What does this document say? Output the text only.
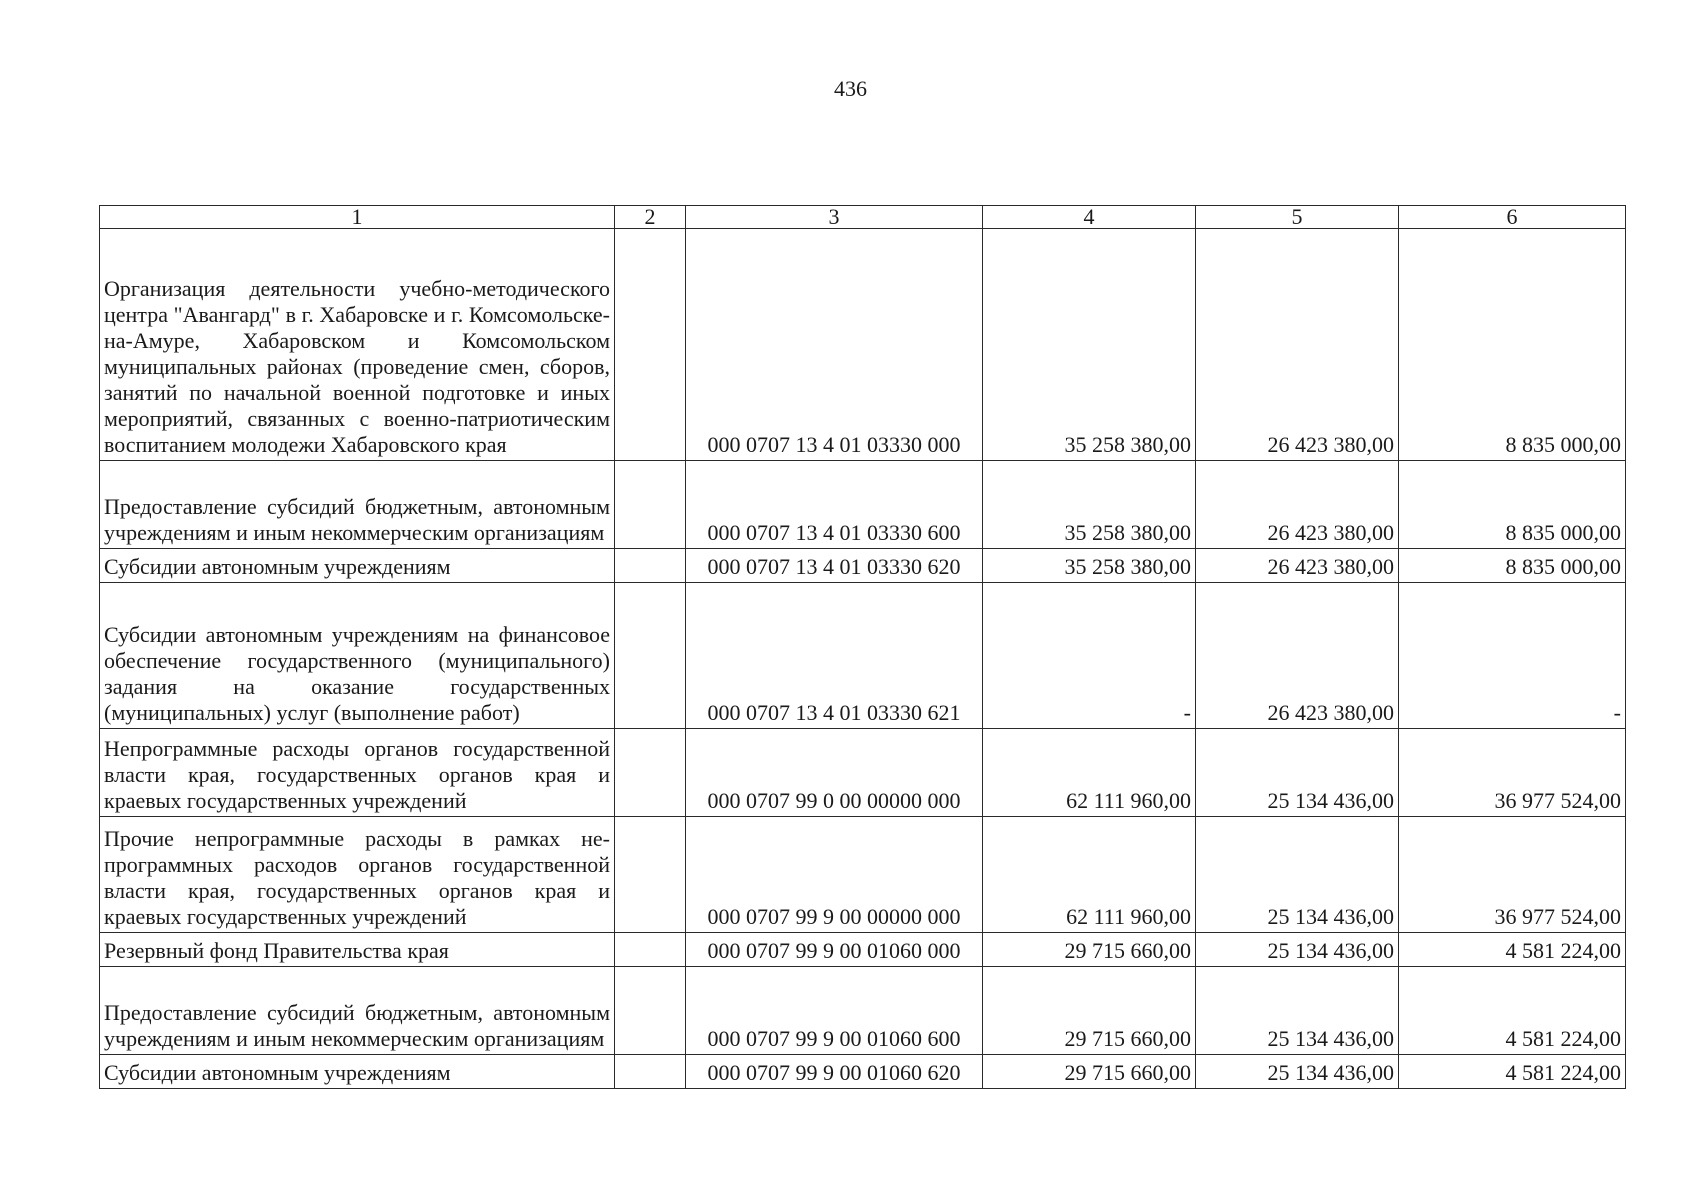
436
1	2	3	4	5	6
Организация деятельности учебно-методического центра "Авангард" в г. Хабаровске и г. Комсомольске-на-Амуре, Хабаровском и Комсомольском муниципальных районах (проведение смен, сборов, занятий по начальной военной подготовке и иных мероприятий, связанных с военно-патриотическим воспитанием молодежи Хабаровского края		000 0707 13 4 01 03330 000	35 258 380,00	26 423 380,00	8 835 000,00
Предоставление субсидий бюджетным, автономным учреждениям и иным некоммерческим организациям		000 0707 13 4 01 03330 600	35 258 380,00	26 423 380,00	8 835 000,00
Субсидии автономным учреждениям		000 0707 13 4 01 03330 620	35 258 380,00	26 423 380,00	8 835 000,00
Субсидии автономным учреждениям на финансовое обеспечение государственного (муниципального) задания на оказание государственных (муниципальных) услуг (выполнение работ)		000 0707 13 4 01 03330 621	-	26 423 380,00	-
Непрограммные расходы органов государственной власти края, государственных органов края и краевых государственных учреждений		000 0707 99 0 00 00000 000	62 111 960,00	25 134 436,00	36 977 524,00
Прочие непрограммные расходы в рамках непрограммных расходов органов государственной власти края, государственных органов края и краевых государственных учреждений		000 0707 99 9 00 00000 000	62 111 960,00	25 134 436,00	36 977 524,00
Резервный фонд Правительства края		000 0707 99 9 00 01060 000	29 715 660,00	25 134 436,00	4 581 224,00
Предоставление субсидий бюджетным, автономным учреждениям и иным некоммерческим организациям		000 0707 99 9 00 01060 600	29 715 660,00	25 134 436,00	4 581 224,00
Субсидии автономным учреждениям		000 0707 99 9 00 01060 620	29 715 660,00	25 134 436,00	4 581 224,00
